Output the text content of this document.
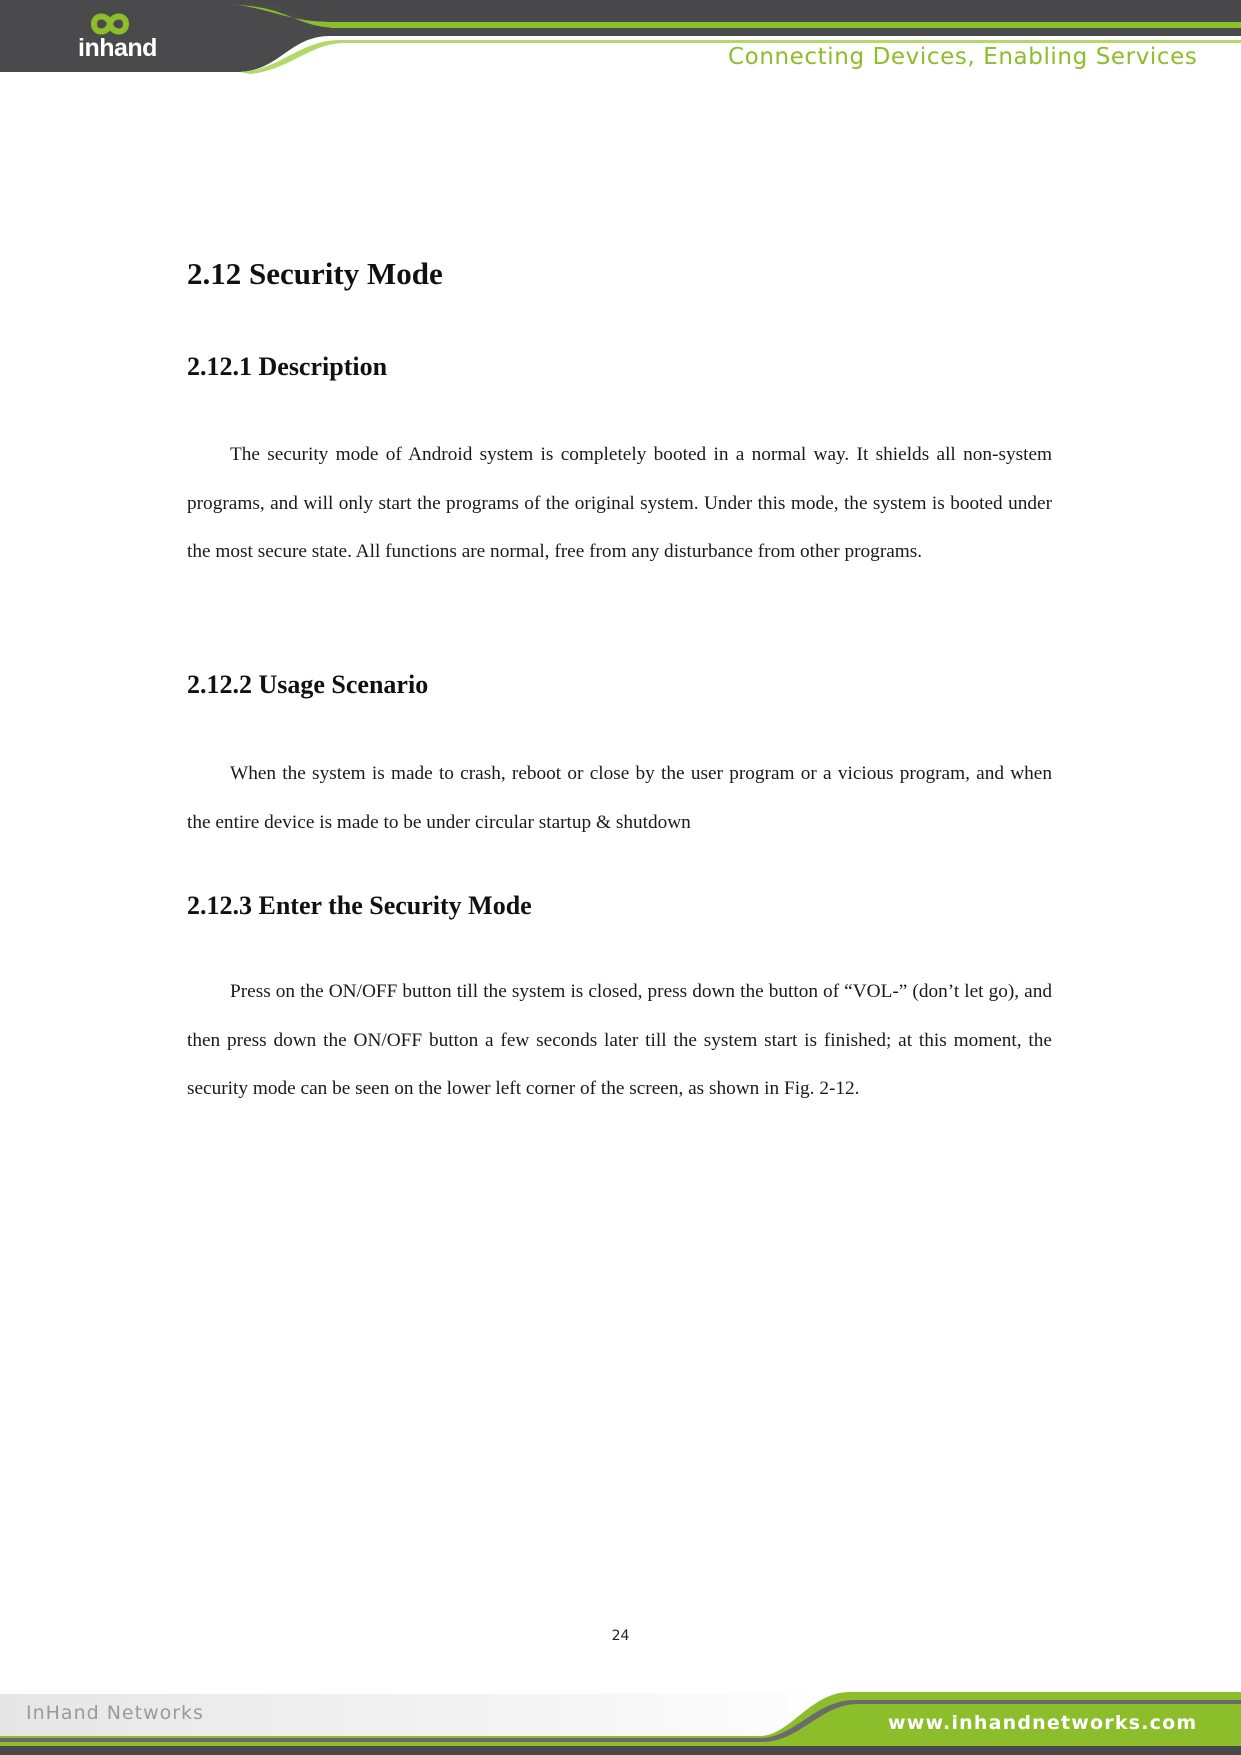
inhand	Connecting Devices, Enabling Services
2.12 Security Mode
2.12.1 Description

The security mode of Android system is completely booted in a normal way. It shields all non-system programs, and will only start the programs of the original system. Under this mode, the system is booted under the most secure state. All functions are normal, free from any disturbance from other programs.

2.12.2 Usage Scenario

When the system is made to crash, reboot or close by the user program or a vicious program, and when the entire device is made to be under circular startup & shutdown

2.12.3 Enter the Security Mode

Press on the ON/OFF button till the system is closed, press down the button of “VOL-” (don’t let go), and then press down the ON/OFF button a few seconds later till the system start is finished; at this moment, the security mode can be seen on the lower left corner of the screen, as shown in Fig. 2-12.

24
InHand Networks	www.inhandnetworks.com
